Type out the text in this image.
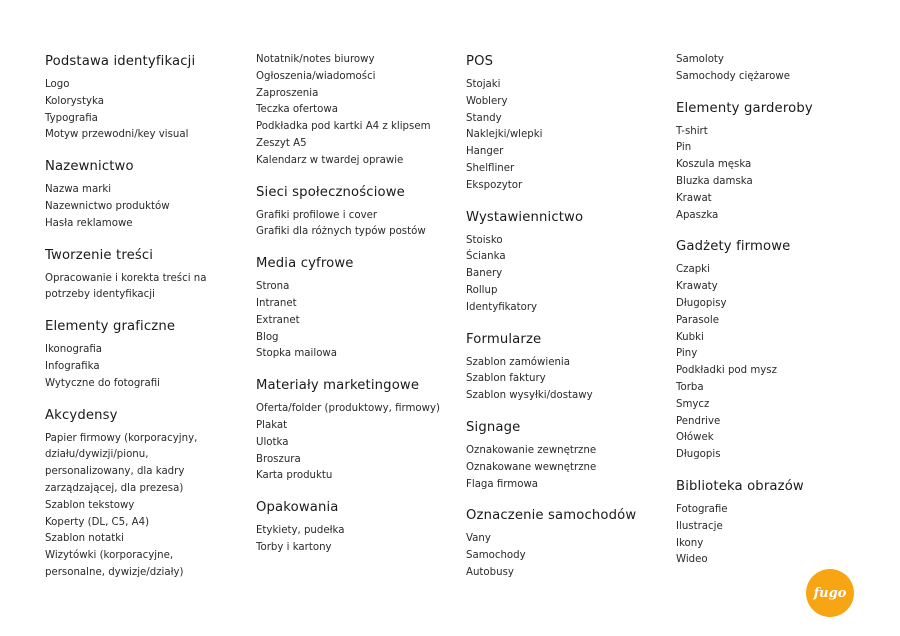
Podstawa identyfikacji
Logo
Kolorystyka
Typografia
Motyw przewodni/key visual
Nazewnictwo
Nazwa marki
Nazewnictwo produktów
Hasła reklamowe
Tworzenie treści
Opracowanie i korekta treści na potrzeby identyfikacji
Elementy graficzne
Ikonografia
Infografika
Wytyczne do fotografii
Akcydensy
Papier firmowy (korporacyjny, działu/dywizji/pionu, personalizowany, dla kadry zarządzającej, dla prezesa)
Szablon tekstowy
Koperty (DL, C5, A4)
Szablon notatki
Wizytówki (korporacyjne, personalne, dywizje/działy)
Notatnik/notes biurowy
Ogłoszenia/wiadomości
Zaproszenia
Teczka ofertowa
Podkładka pod kartki A4 z klipsem
Zeszyt A5
Kalendarz w twardej oprawie
Sieci społecznościowe
Grafiki profilowe i cover
Grafiki dla różnych typów postów
Media cyfrowe
Strona
Intranet
Extranet
Blog
Stopka mailowa
Materiały marketingowe
Oferta/folder (produktowy, firmowy)
Plakat
Ulotka
Broszura
Karta produktu
Opakowania
Etykiety, pudełka
Torby i kartony
POS
Stojaki
Woblery
Standy
Naklejki/wlepki
Hanger
Shelfliner
Ekspozytor
Wystawiennictwo
Stoisko
Ścianka
Banery
Rollup
Identyfikatory
Formularze
Szablon zamówienia
Szablon faktury
Szablon wysyłki/dostawy
Signage
Oznakowanie zewnętrzne
Oznakowane wewnętrzne
Flaga firmowa
Oznaczenie samochodów
Vany
Samochody
Autobusy
Samoloty
Samochody ciężarowe
Elementy garderoby
T-shirt
Pin
Koszula męska
Bluzka damska
Krawat
Apaszka
Gadżety firmowe
Czapki
Krawaty
Długopisy
Parasole
Kubki
Piny
Podkładki pod mysz
Torba
Smycz
Pendrive
Ołówek
Długopis
Biblioteka obrazów
Fotografie
Ilustracje
Ikony
Wideo
fugo
